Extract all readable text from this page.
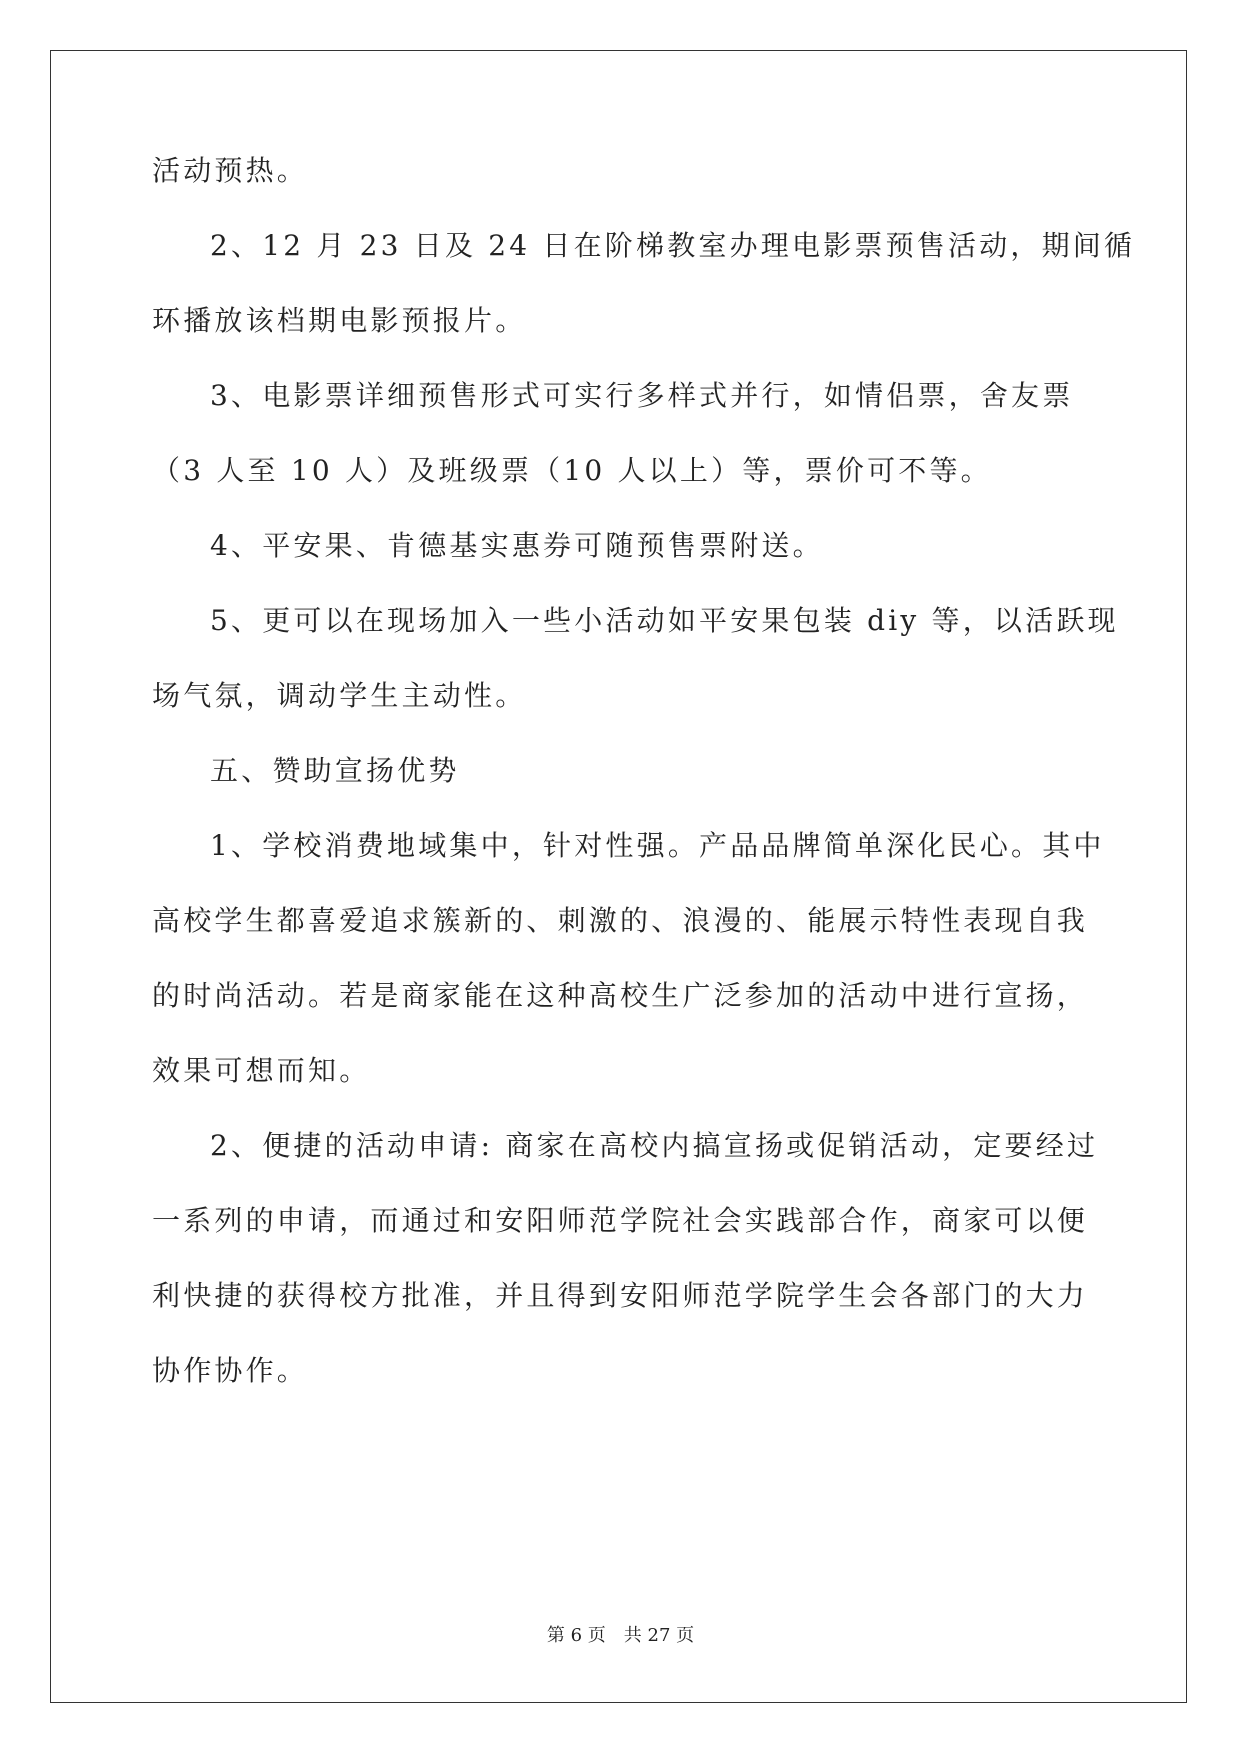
活动预热。
2、12 月 23 日及 24 日在阶梯教室办理电影票预售活动，期间循
环播放该档期电影预报片。
3、电影票详细预售形式可实行多样式并行，如情侣票，舍友票
（3 人至 10 人）及班级票（10 人以上）等，票价可不等。
4、平安果、肯德基实惠券可随预售票附送。
5、更可以在现场加入一些小活动如平安果包装 diy 等，以活跃现
场气氛，调动学生主动性。
五、赞助宣扬优势
1、学校消费地域集中，针对性强。产品品牌简单深化民心。其中
高校学生都喜爱追求簇新的、刺激的、浪漫的、能展示特性表现自我
的时尚活动。若是商家能在这种高校生广泛参加的活动中进行宣扬，
效果可想而知。
2、便捷的活动申请: 商家在高校内搞宣扬或促销活动，定要经过
一系列的申请，而通过和安阳师范学院社会实践部合作，商家可以便
利快捷的获得校方批准，并且得到安阳师范学院学生会各部门的大力
协作协作。
第 6 页　共 27 页
